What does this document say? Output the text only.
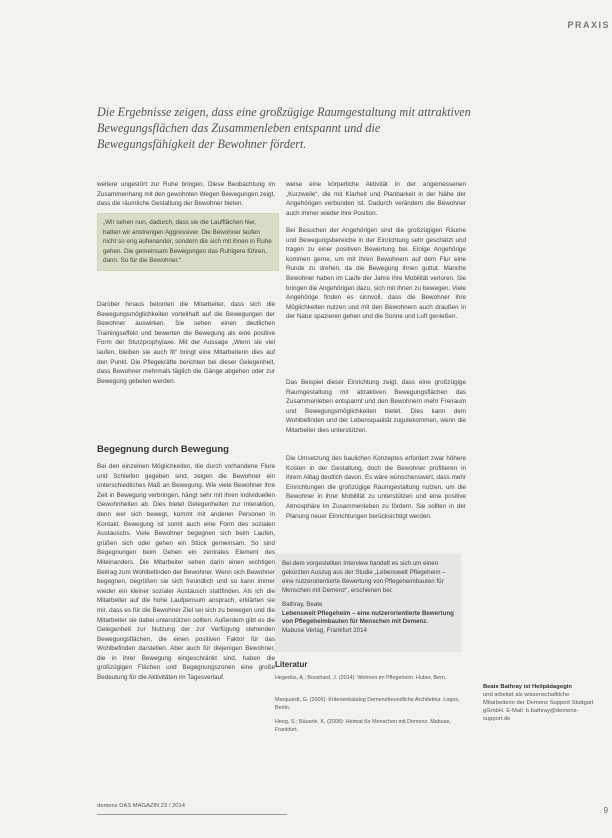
PRAXIS
Die Ergebnisse zeigen, dass eine großzügige Raumgestaltung mit attraktiven Bewegungsflächen das Zusammenleben entspannt und die Bewegungsfähigkeit der Bewohner fördert.
weitere ungestört zur Ruhe bringen. Diese Beobachtung im Zusammenhang mit den gewohnten Wegen Bewegungen zeigt, dass die räumliche Gestaltung der Bewohner bieten.
„Wir sehen nun, dadurch, dass sie die Laufflächen hier, hatten wir anstrengen Aggressiver. Die Bewohner laufen nicht so eng aufeinander, sondern die sich mit ihnen in Ruhe gehen. Die gemeinsam Bewegungen das Ruhigere führen, dann. So für die Bewohner.“
Darüber hinaus betonten die Mitarbeiter, dass sich die Bewegungsmöglichkeiten vorteilhaft auf die Bewegungen der Bewohner auswirken. Sie sehen einen deutlichen Trainingseffekt und bewerten die Bewegung als eine positive Form der Sturzprophylaxe. Mit der Aussage „Wenn sie viel laufen, bleiben sie auch fit“ bringt eine Mitarbeiterin dies auf den Punkt. Die Pflegekräfte berichten bei dieser Gelegenheit, dass Bewohner mehrmals täglich die Gänge abgehen oder zur Bewegung gebeten werden.
Begegnung durch Bewegung
Bei den einzelnen Möglichkeiten, die durch vorhandene Flure und Schleifen gegeben sind, zeigen die Bewohner ein unterschiedliches Maß an Bewegung. Wie viele Bewohner ihre Zeit in Bewegung verbringen, hängt sehr mit ihren individuellen Gewohnheiten ab. Dies bietet Gelegenheiten zur Interaktion, denn wer sich bewegt, kommt mit anderen Personen in Kontakt. Bewegung ist somit auch eine Form des sozialen Austauschs. Viele Bewohner begegnen sich beim Laufen, grüßen sich oder gehen ein Stück gemeinsam. So sind Begegnungen beim Gehen ein zentrales Element des Miteinanders. Die Mitarbeiter sehen darin einen wichtigen Beitrag zum Wohlbefinden der Bewohner. Wenn sich Bewohner begegnen, begrüßen sie sich freundlich und so kann immer wieder ein kleiner sozialer Austausch stattfinden. Als ich die Mitarbeiter auf die hohe Laufpensum ansprach, erklärten sie mir, dass es für die Bewohner Ziel sei sich zu bewegen und die Mitarbeiter sie dabei unterstützen sollten. Außerdem gibt es die Gelegenheit zur Nutzung der zur Verfügung stehenden Bewegungsflächen, die einen positiven Faktor für das Wohlbefinden darstellen. Aber auch für diejenigen Bewohner, die in ihrer Bewegung eingeschränkt sind, haben die großzügigen Flächen und Begegnungszonen eine große Bedeutung für die Aktivitäten im Tagesverlauf.
weise eine körperliche Aktivität in der angemessenen „Kurzweile“, die mit Klarheit und Planbarkeit in der Nähe der Angehörigen verbunden ist. Dadurch verändern die Bewohner auch immer wieder ihre Position.
Bei Besuchen der Angehörigen sind die großzügigen Räume und Bewegungsbereiche in der Einrichtung sehr geschätzt und tragen zu einer positiven Bewertung bei. Einige Angehörige kommen gerne, um mit ihren Bewohnern auf dem Flur eine Runde zu drehen, da die Bewegung ihnen guttut. Manche Bewohner haben im Laufe der Jahre ihre Mobilität verloren. Sie bringen die Angehörigen dazu, sich mit ihnen zu bewegen. Viele Angehörige finden es sinnvoll, dass die Bewohner ihre Möglichkeiten nutzen und mit den Bewohnern auch draußen in der Natur spazieren gehen und die Sonne und Luft genießen.
Das Beispiel dieser Einrichtung zeigt, dass eine großzügige Raumgestaltung mit attraktiven Bewegungsflächen das Zusammenleben entspannt und den Bewohnern mehr Freiraum und Bewegungsmöglichkeiten bietet. Dies kann dem Wohlbefinden und der Lebensqualität zugutekommen, wenn die Mitarbeiter dies unterstützen.
Die Umsetzung des baulichen Konzeptes erfordert zwar höhere Kosten in der Gestaltung, doch die Bewohner profitieren in ihrem Alltag deutlich davon. Es wäre wünschenswert, dass mehr Einrichtungen die großzügige Raumgestaltung nutzen, um die Bewohner in ihrer Mobilität zu unterstützen und eine positive Atmosphäre im Zusammenleben zu fördern. Sie sollten in der Planung neuer Einrichtungen berücksichtigt werden.
Bei dem vorgestellten Interview handelt es sich um einen gekürzten Auszug aus der Studie „Lebenswelt Pflegeheim – eine nutzerorientierte Bewertung von Pflegeheimbauten für Menschen mit Demenz“, erschienen bei:
Bathray, Beate
Lebenswelt Pflegeheim – eine nutzerorientierte Bewertung von Pflegeheimbauten für Menschen mit Demenz.
Mabuse Verlag, Frankfurt 2014
Literatur
Hegedüs, A.; Bosshard, J. (2014): Wohnen im Pflegeheim. Huber, Bern.
Marquardt, G. (2006): Kriterienkatalog Demenzfreundliche Architektur. Logos, Berlin.
Heeg, S.; Bäuerle, K. (2008): Heimat für Menschen mit Demenz. Mabuse, Frankfurt.
Beate Bathray ist Heilpädagogin
und arbeitet als wissenschaftliche Mitarbeiterin der Demenz Support Stuttgart gGmbH. E-Mail: b.bathray@demenz-support.de
demenz DAS MAGAZIN 23 / 2014	9
